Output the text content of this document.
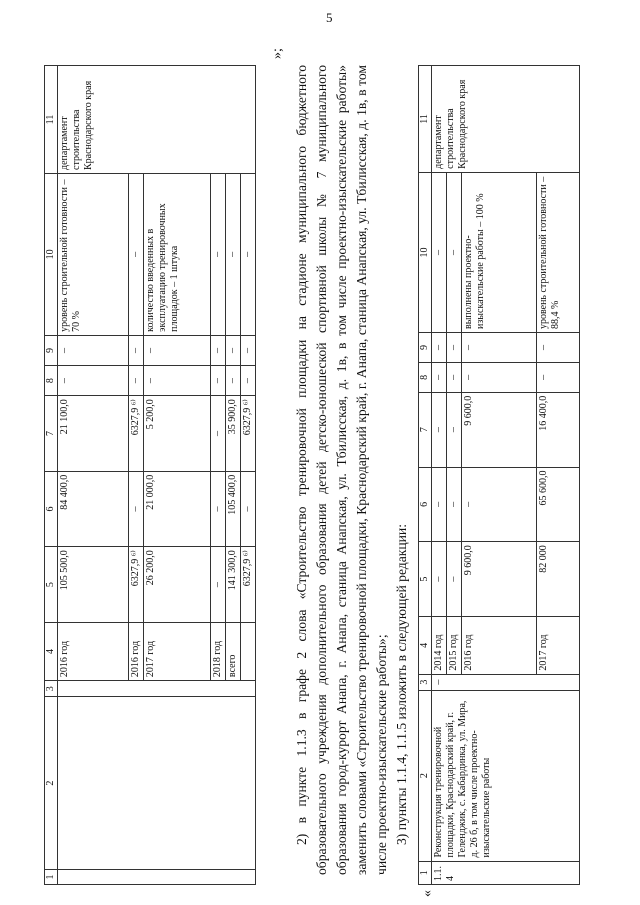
5
1	2	3	4	5	6	7	8	9	10	11
			2016 год	105 500,0	84 400,0	21 100,0	–	–	уровень строительной готовности – 70 %	департамент строительства Краснодарского края
			2016 год	6327,9 ⁶⁾	–	6327,9 ⁶⁾	–	–	–	
			2017 год	26 200,0	21 000,0	5 200,0	–	–	количество введенных в эксплуатацию тренировочных площадок – 1 штука	
			2018 год	–	–	–	–	–	–	
			всего	141 300,0	105 400,0	35 900,0	–	–	–	
				6327,9 ⁶⁾	–	6327,9 ⁶⁾	–	–	–	
»;

2) в пункте 1.1.3 в графе 2 слова «Строительство тренировочной площадки на стадионе муниципального бюджетного образовательного учреждения дополнительного образования детей детско-юношеской спортивной школы № 7 муниципального образования город-курорт Анапа, г. Анапа, станица Анапская, ул. Тбилисская, д. 1в, в том числе проектно-изыскательские работы» заменить словами «Строительство тренировочной площадки, Краснодарский край, г. Анапа, станица Анапская, ул. Тбилисская, д. 1в, в том числе проектно-изыскательские работы»; 3) пункты 1.1.4, 1.1.5 изложить в следующей редакции:

«
1	2	3	4	5	6	7	8	9	10	11
1.1.4	Реконструкция тренировочной площадки, Краснодарский край, г. Геленджик, с. Кабардинка, ул. Мира, д. 26 б, в том числе проектно-изыскательские работы	–	2014 год	–	–	–	–	–	–	департамент строительства Краснодарского края
			2015 год	–	–	–	–	–	–	
			2016 год	9 600,0	–	9 600,0	–	–	выполнены проектно-изыскательские работы – 100 %	
			2017 год	82 000	65 600,0	16 400,0	–	–	уровень строительной готовности – 88,4 %	
